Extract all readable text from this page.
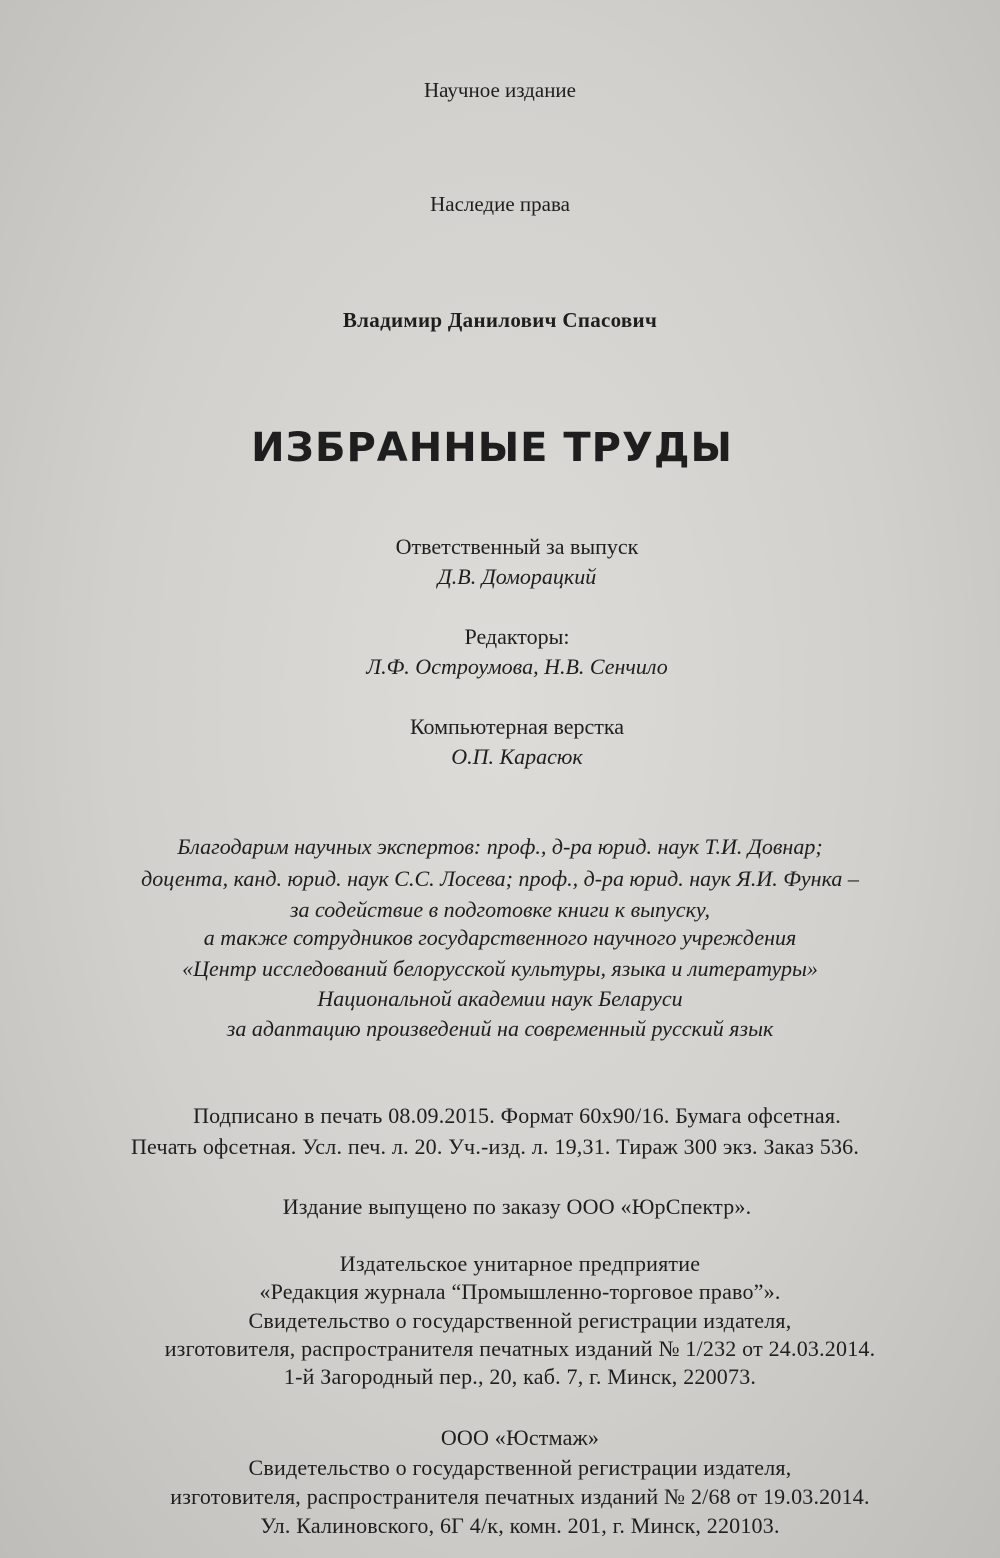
Научное издание
Наследие права
Владимир Данилович Спасович
ИЗБРАННЫЕ ТРУДЫ
Ответственный за выпуск
Д.В. Доморацкий
Редакторы:
Л.Ф. Остроумова, Н.В. Сенчило
Компьютерная верстка
О.П. Карасюк
Благодарим научных экспертов: проф., д-ра юрид. наук Т.И. Довнар;
доцента, канд. юрид. наук С.С. Лосева; проф., д-ра юрид. наук Я.И. Функа –
за содействие в подготовке книги к выпуску,
а также сотрудников государственного научного учреждения
«Центр исследований белорусской культуры, языка и литературы»
Национальной академии наук Беларуси
за адаптацию произведений на современный русский язык
Подписано в печать 08.09.2015. Формат 60х90/16. Бумага офсетная.
Печать офсетная. Усл. печ. л. 20. Уч.-изд. л. 19,31. Тираж 300 экз. Заказ 536.
Издание выпущено по заказу ООО «ЮрСпектр».
Издательское унитарное предприятие
«Редакция журнала “Промышленно-торговое право”».
Свидетельство о государственной регистрации издателя,
изготовителя, распространителя печатных изданий № 1/232 от 24.03.2014.
1-й Загородный пер., 20, каб. 7, г. Минск, 220073.
ООО «Юстмаж»
Свидетельство о государственной регистрации издателя,
изготовителя, распространителя печатных изданий № 2/68 от 19.03.2014.
Ул. Калиновского, 6Г 4/к, комн. 201, г. Минск, 220103.
